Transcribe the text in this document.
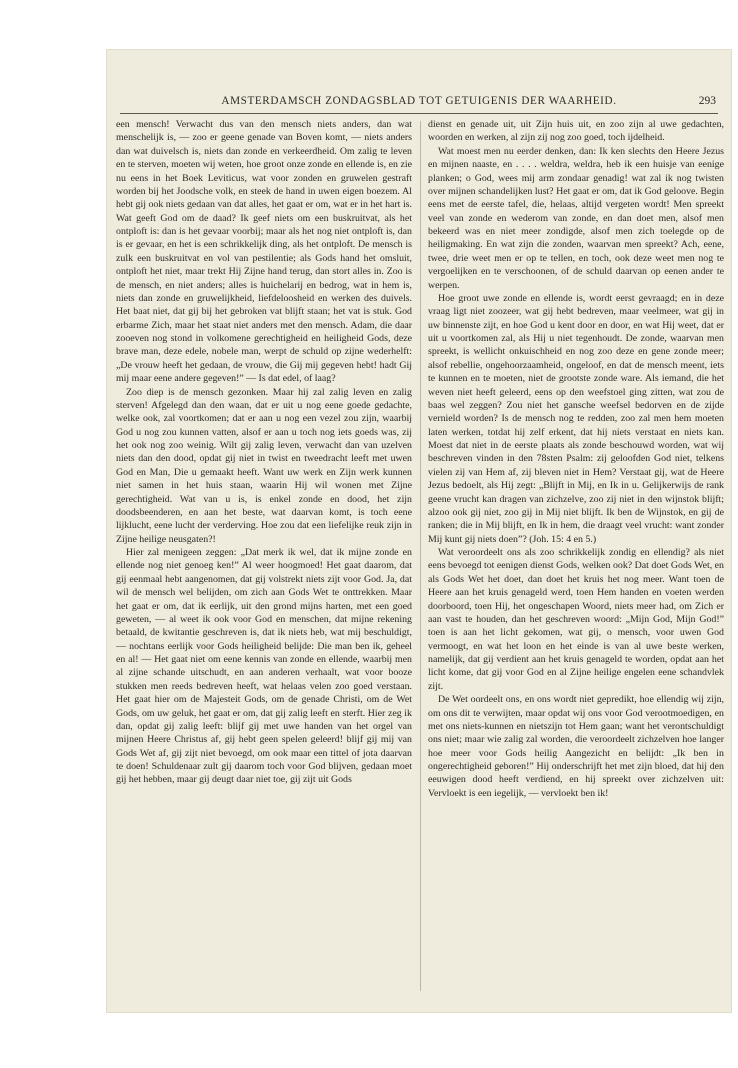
AMSTERDAMSCH ZONDAGSBLAD TOT GETUIGENIS DER WAARHEID.	293

een mensch! Verwacht dus van den mensch niets anders, dan wat menschelijk is, — zoo er geene genade van Boven komt, — niets anders dan wat duivelsch is, niets dan zonde en verkeerdheid. Om zalig te leven en te sterven, moeten wij weten, hoe groot onze zonde en ellende is, en zie nu eens in het Boek Leviticus, wat voor zonden en gruwelen gestraft worden bij het Joodsche volk, en steek de hand in uwen eigen boezem. Al hebt gij ook niets gedaan van dat alles, het gaat er om, wat er in het hart is. Wat geeft God om de daad? Ik geef niets om een buskruitvat, als het ontploft is: dan is het gevaar voorbij; maar als het nog niet ontploft is, dan is er gevaar, en het is een schrikkelijk ding, als het ontploft. De mensch is zulk een buskruitvat en vol van pestilentie; als Gods hand het omsluit, ontploft het niet, maar trekt Hij Zijne hand terug, dan stort alles in. Zoo is de mensch, en niet anders; alles is huichelarij en bedrog, wat in hem is, niets dan zonde en gruwelijkheid, liefdeloosheid en werken des duivels. Het baat niet, dat gij bij het gebroken vat blijft staan; het vat is stuk. God erbarme Zich, maar het staat niet anders met den mensch. Adam, die daar zooeven nog stond in volkomene gerechtigheid en heiligheid Gods, deze brave man, deze edele, nobele man, werpt de schuld op zijne wederhelft: „De vrouw heeft het gedaan, de vrouw, die Gij mij gegeven hebt! hadt Gij mij maar eene andere gegeven!” — Is dat edel, of laag?

Zoo diep is de mensch gezonken. Maar hij zal zalig leven en zalig sterven! Afgelegd dan den waan, dat er uit u nog eene goede gedachte, welke ook, zal voortkomen; dat er aan u nog een vezel zou zijn, waarbij God u nog zou kunnen vatten, alsof er aan u toch nog iets goeds was, zij het ook nog zoo weinig. Wilt gij zalig leven, verwacht dan van uzelven niets dan den dood, opdat gij niet in twist en tweedracht leeft met uwen God en Man, Die u gemaakt heeft. Want uw werk en Zijn werk kunnen niet samen in het huis staan, waarin Hij wil wonen met Zijne gerechtigheid. Wat van u is, is enkel zonde en dood, het zijn doodsbeenderen, en aan het beste, wat daarvan komt, is toch eene lijklucht, eene lucht der verderving. Hoe zou dat een liefelijke reuk zijn in Zijne heilige neusgaten?!

Hier zal menigeen zeggen: „Dat merk ik wel, dat ik mijne zonde en ellende nog niet genoeg ken!” Al weer hoogmoed! Het gaat daarom, dat gij eenmaal hebt aangenomen, dat gij volstrekt niets zijt voor God. Ja, dat wil de mensch wel belijden, om zich aan Gods Wet te onttrekken. Maar het gaat er om, dat ik eerlijk, uit den grond mijns harten, met een goed geweten, — al weet ik ook voor God en menschen, dat mijne rekening betaald, de kwitantie geschreven is, dat ik niets heb, wat mij beschuldigt, — nochtans eerlijk voor Gods heiligheid belijde: Die man ben ik, geheel en al! — Het gaat niet om eene kennis van zonde en ellende, waarbij men al zijne schande uitschudt, en aan anderen verhaalt, wat voor booze stukken men reeds bedreven heeft, wat helaas velen zoo goed verstaan. Het gaat hier om de Majesteit Gods, om de genade Christi, om de Wet Gods, om uw geluk, het gaat er om, dat gij zalig leeft en sterft. Hier zeg ik dan, opdat gij zalig leeft: blijf gij met uwe handen van het orgel van mijnen Heere Christus af, gij hebt geen spelen geleerd! blijf gij mij van Gods Wet af, gij zijt niet bevoegd, om ook maar een tittel of jota daarvan te doen! Schuldenaar zult gij daarom toch voor God blijven, gedaan moet gij het hebben, maar gij deugt daar niet toe, gij zijt uit Gods

dienst en genade uit, uit Zijn huis uit, en zoo zijn al uwe gedachten, woorden en werken, al zijn zij nog zoo goed, toch ijdelheid.

Wat moest men nu eerder denken, dan: Ik ken slechts den Heere Jezus en mijnen naaste, en . . . . weldra, weldra, heb ik een huisje van eenige planken; o God, wees mij arm zondaar genadig! wat zal ik nog twisten over mijnen schandelijken lust? Het gaat er om, dat ik God geloove. Begin eens met de eerste tafel, die, helaas, altijd vergeten wordt! Men spreekt veel van zonde en wederom van zonde, en dan doet men, alsof men bekeerd was en niet meer zondigde, alsof men zich toelegde op de heiligmaking. En wat zijn die zonden, waarvan men spreekt? Ach, eene, twee, drie weet men er op te tellen, en toch, ook deze weet men nog te vergoelijken en te verschoonen, of de schuld daarvan op eenen ander te werpen.

Hoe groot uwe zonde en ellende is, wordt eerst gevraagd; en in deze vraag ligt niet zoozeer, wat gij hebt bedreven, maar veelmeer, wat gij in uw binnenste zijt, en hoe God u kent door en door, en wat Hij weet, dat er uit u voortkomen zal, als Hij u niet tegenhoudt. De zonde, waarvan men spreekt, is wellicht onkuischheid en nog zoo deze en gene zonde meer; alsof rebellie, ongehoorzaamheid, ongeloof, en dat de mensch meent, iets te kunnen en te moeten, niet de grootste zonde ware. Als iemand, die het weven niet heeft geleerd, eens op den weefstoel ging zitten, wat zou de baas wel zeggen? Zou niet het gansche weefsel bedorven en de zijde vernield worden? Is de mensch nog te redden, zoo zal men hem moeten laten werken, totdat hij zelf erkent, dat hij niets verstaat en niets kan. Moest dat niet in de eerste plaats als zonde beschouwd worden, wat wij beschreven vinden in den 78sten Psalm: zij geloofden God niet, telkens vielen zij van Hem af, zij bleven niet in Hem? Verstaat gij, wat de Heere Jezus bedoelt, als Hij zegt: „Blijft in Mij, en Ik in u. Gelijkerwijs de rank geene vrucht kan dragen van zichzelve, zoo zij niet in den wijnstok blijft; alzoo ook gij niet, zoo gij in Mij niet blijft. Ik ben de Wijnstok, en gij de ranken; die in Mij blijft, en Ik in hem, die draagt veel vrucht: want zonder Mij kunt gij niets doen”? (Joh. 15: 4 en 5.)

Wat veroordeelt ons als zoo schrikkelijk zondig en ellendig? als niet eens bevoegd tot eenigen dienst Gods, welken ook? Dat doet Gods Wet, en als Gods Wet het doet, dan doet het kruis het nog meer. Want toen de Heere aan het kruis genageld werd, toen Hem handen en voeten werden doorboord, toen Hij, het ongeschapen Woord, niets meer had, om Zich er aan vast te houden, dan het geschreven woord: „Mijn God, Mijn God!” toen is aan het licht gekomen, wat gij, o mensch, voor uwen God vermoogt, en wat het loon en het einde is van al uwe beste werken, namelijk, dat gij verdient aan het kruis genageld te worden, opdat aan het licht kome, dat gij voor God en al Zijne heilige engelen eene schandvlek zijt.

De Wet oordeelt ons, en ons wordt niet gepredikt, hoe ellendig wij zijn, om ons dit te verwijten, maar opdat wij ons voor God verootmoedigen, en met ons niets-kunnen en nietszijn tot Hem gaan; want het verontschuldigt ons niet; maar wie zalig zal worden, die veroordeelt zichzelven hoe langer hoe meer voor Gods heilig Aangezicht en belijdt: „Ik ben in ongerechtigheid geboren!” Hij onderschrijft het met zijn bloed, dat hij den eeuwigen dood heeft verdiend, en hij spreekt over zichzelven uit: Vervloekt is een iegelijk, — vervloekt ben ik!
